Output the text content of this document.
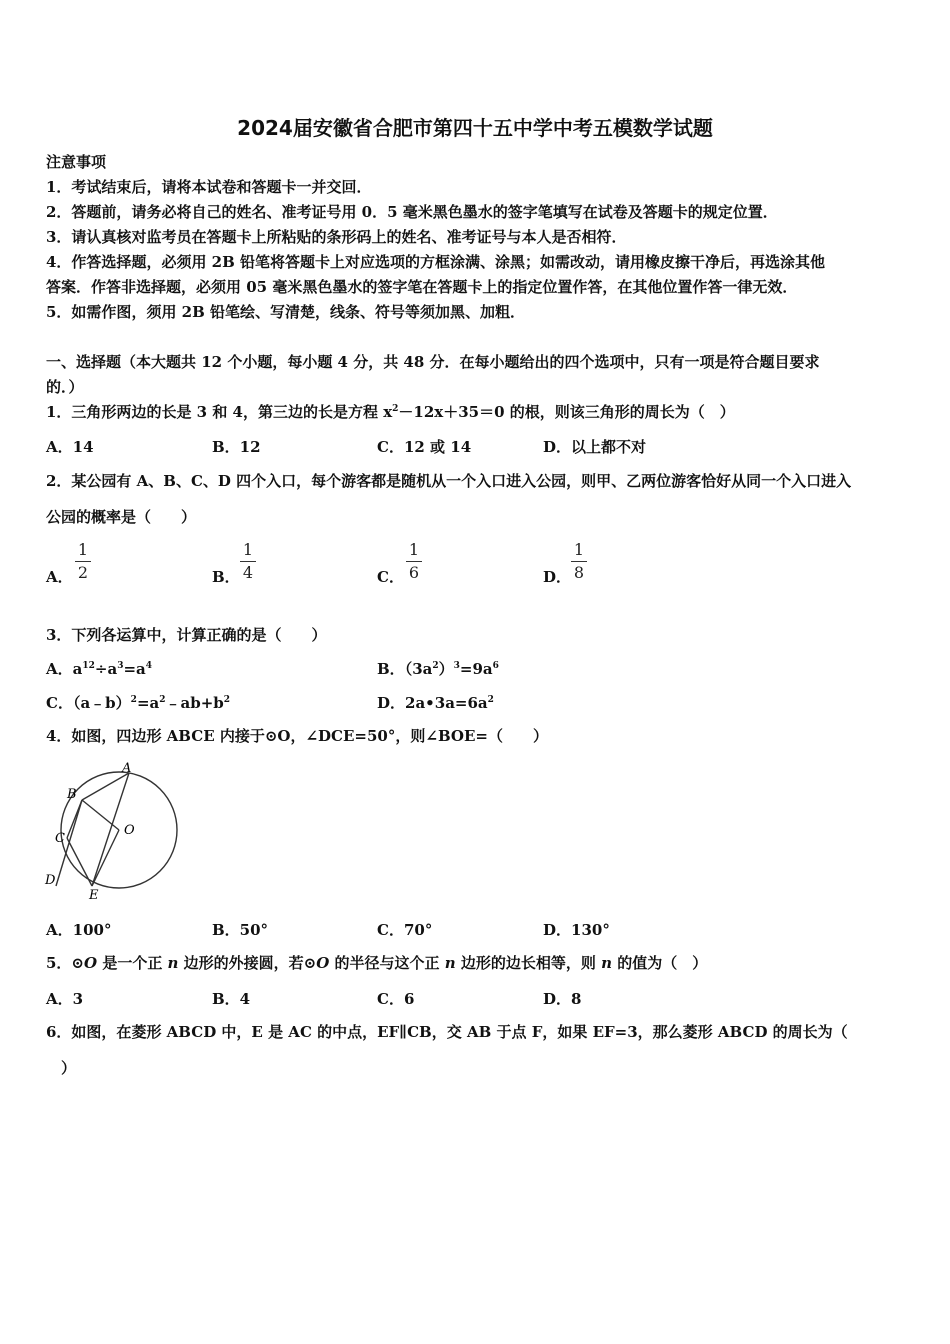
2024届安徽省合肥市第四十五中学中考五模数学试题
注意事项
1．考试结束后，请将本试卷和答题卡一并交回．
2．答题前，请务必将自己的姓名、准考证号用 0．5 毫米黑色墨水的签字笔填写在试卷及答题卡的规定位置．
3．请认真核对监考员在答题卡上所粘贴的条形码上的姓名、准考证号与本人是否相符．
4．作答选择题，必须用 2B 铅笔将答题卡上对应选项的方框涂满、涂黑；如需改动，请用橡皮擦干净后，再选涂其他
答案．作答非选择题，必须用 05 毫米黑色墨水的签字笔在答题卡上的指定位置作答，在其他位置作答一律无效．
5．如需作图，须用 2B 铅笔绘、写清楚，线条、符号等须加黑、加粗．
一、选择题（本大题共 12 个小题，每小题 4 分，共 48 分．在每小题给出的四个选项中，只有一项是符合题目要求
的．）
1．三角形两边的长是 3 和 4，第三边的长是方程 $x^2-12x+35=0$ 的根，则该三角形的周长为（　）
A．14	B．12	C．12 或 14	D．以上都不对
2．某公园有 A、B、C、D 四个入口，每个游客都是随机从一个入口进入公园，则甲、乙两位游客恰好从同一个入口进入
公园的概率是（　　）
A．
1
2	B．
1
4	C．
1
6	D．
1
8
3．下列各运算中，计算正确的是（　　）
A．$a^{12}\div a^3=a^4$	B．$(3a^2)^3=9a^6$
C．$(a﹣b)^2=a^2﹣ab+b^2$	D．$2a•3a=6a^2$
4．如图，四边形 ABCE 内接于⊙O，∠DCE=50°，则∠BOE=（　　）
A
B
C
D
E
O
A．100°	B．50°	C．70°	D．130°
5．⊙O 是一个正 n 边形的外接圆，若⊙O 的半径与这个正 n 边形的边长相等，则 n 的值为（　）
A．3	B．4	C．6	D．8
6．如图，在菱形 ABCD 中，E 是 AC 的中点，EF∥CB，交 AB 于点 F，如果 EF=3，那么菱形 ABCD 的周长为（
　）
